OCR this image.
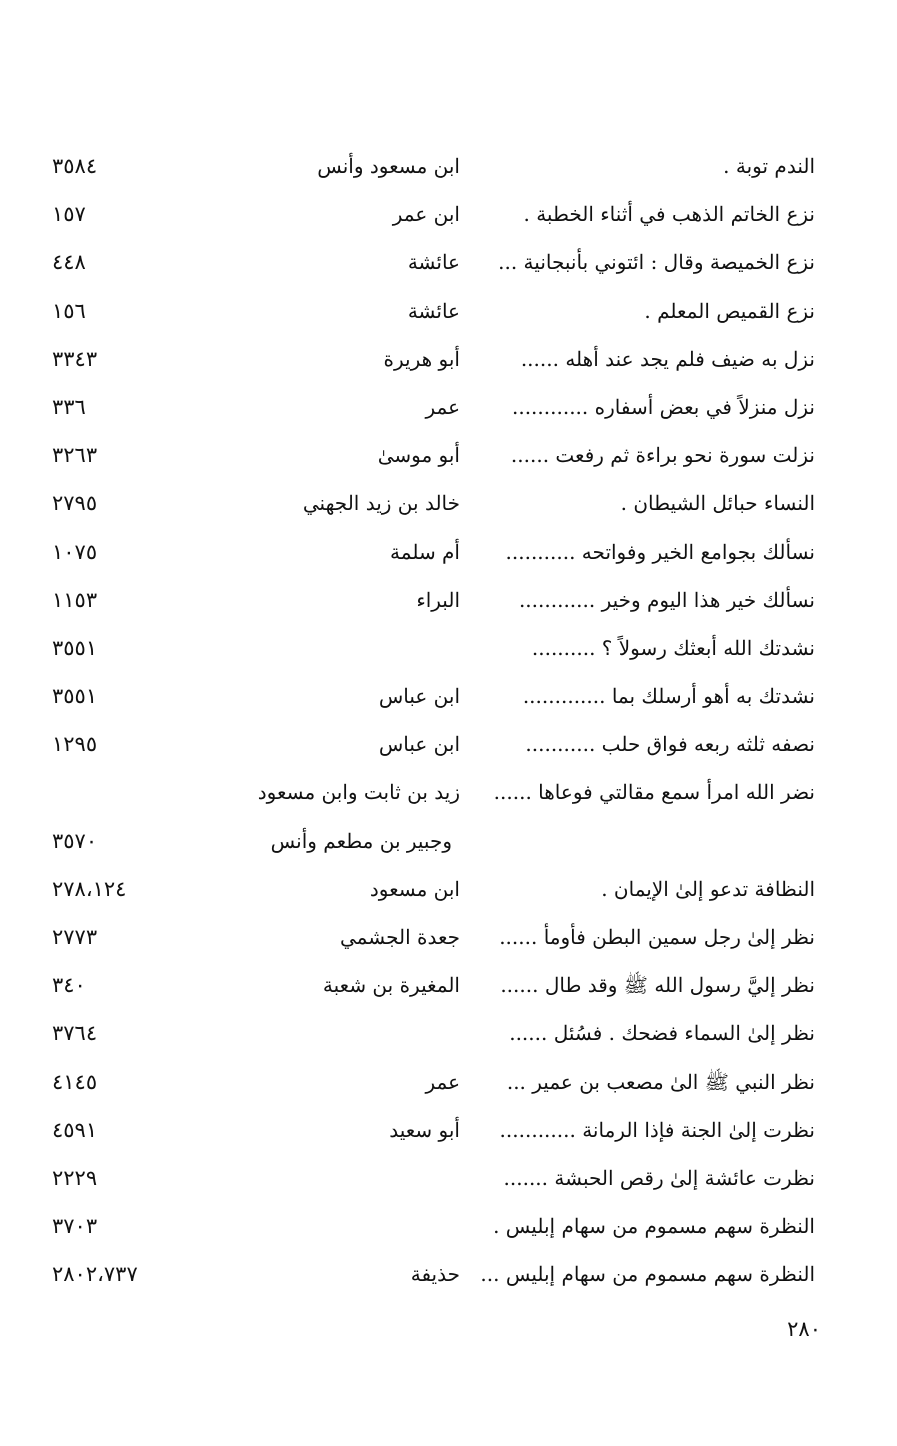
الندم توبة .
ابن مسعود وأنس
٣٥٨٤
نزع الخاتم الذهب في أثناء الخطبة .
ابن عمر
١٥٧
نزع الخميصة وقال : ائتوني بأنبجانية ...
عائشة
٤٤٨
نزع القميص المعلم .
عائشة
١٥٦
نزل به ضيف فلم يجد عند أهله ......
أبو هريرة
٣٣٤٣
نزل منزلاً في بعض أسفاره ............
عمر
٣٣٦
نزلت سورة نحو براءة ثم رفعت ......
أبو موسىٰ
٣٢٦٣
النساء حبائل الشيطان .
خالد بن زيد الجهني
٢٧٩٥
نسألك بجوامع الخير وفواتحه ...........
أم سلمة
١٠٧٥
نسألك خير هذا اليوم وخير ............
البراء
١١٥٣
نشدتك الله أبعثك رسولاً ؟ ..........
٣٥٥١
نشدتك به أهو أرسلك بما .............
ابن عباس
٣٥٥١
نصفه ثلثه ربعه فواق حلب ...........
ابن عباس
١٢٩٥
نضر الله امرأ سمع مقالتي فوعاها ......
زيد بن ثابت وابن مسعود
وجبير بن مطعم وأنس
٣٥٧٠
النظافة تدعو إلىٰ الإيمان .
ابن مسعود
٢٧٨،١٢٤
نظر إلىٰ رجل سمين البطن فأومأ ......
جعدة الجشمي
٢٧٧٣
نظر إليَّ رسول الله ﷺ وقد طال ......
المغيرة بن شعبة
٣٤٠
نظر إلىٰ السماء فضحك . فسُئل ......
٣٧٦٤
نظر النبي ﷺ الىٰ مصعب بن عمير ...
عمر
٤١٤٥
نظرت إلىٰ الجنة فإذا الرمانة ............
أبو سعيد
٤٥٩١
نظرت عائشة إلىٰ رقص الحبشة .......
٢٢٢٩
النظرة سهم مسموم من سهام إبليس .
٣٧٠٣
النظرة سهم مسموم من سهام إبليس ...
حذيفة
٢٨٠٢،٧٣٧
٢٨٠
